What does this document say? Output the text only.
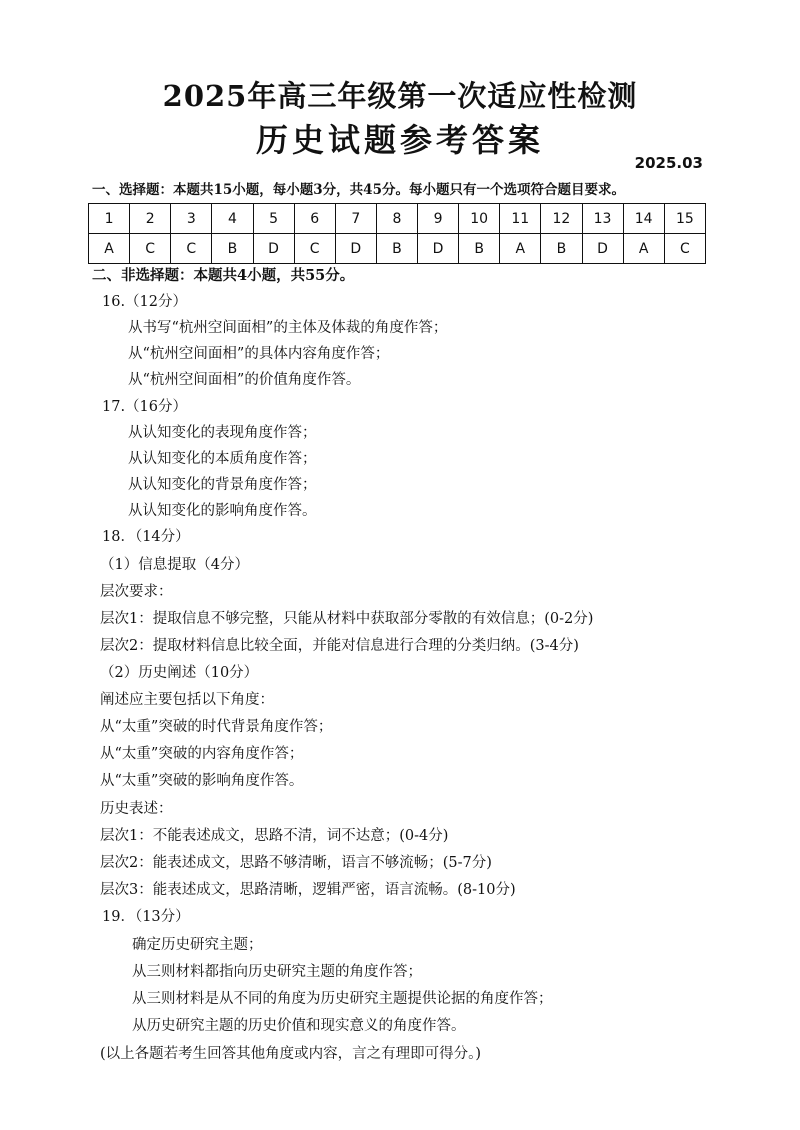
2025年高三年级第一次适应性检测
历史试题参考答案
2025.03
一、选择题：本题共15小题，每小题3分，共45分。每小题只有一个选项符合题目要求。
1	2	3	4	5	6	7	8	9	10	11	12	13	14	15
A	C	C	B	D	C	D	B	D	B	A	B	D	A	C
二、非选择题：本题共4小题，共55分。
16.（12分）
从书写“杭州空间面相”的主体及体裁的角度作答；
从“杭州空间面相”的具体内容角度作答；
从“杭州空间面相”的价值角度作答。
17.（16分）
从认知变化的表现角度作答；
从认知变化的本质角度作答；
从认知变化的背景角度作答；
从认知变化的影响角度作答。
18．（14分）
（1）信息提取（4分）
层次要求：
层次1：提取信息不够完整，只能从材料中获取部分零散的有效信息；(0-2分)
层次2：提取材料信息比较全面，并能对信息进行合理的分类归纳。(3-4分)
（2）历史阐述（10分）
阐述应主要包括以下角度：
从“太重”突破的时代背景角度作答；
从“太重”突破的内容角度作答；
从“太重”突破的影响角度作答。
历史表述：
层次1：不能表述成文，思路不清，词不达意；(0-4分)
层次2：能表述成文，思路不够清晰，语言不够流畅；(5-7分)
层次3：能表述成文，思路清晰，逻辑严密，语言流畅。(8-10分)
19．（13分）
确定历史研究主题；
从三则材料都指向历史研究主题的角度作答；
从三则材料是从不同的角度为历史研究主题提供论据的角度作答；
从历史研究主题的历史价值和现实意义的角度作答。
(以上各题若考生回答其他角度或内容，言之有理即可得分。)
